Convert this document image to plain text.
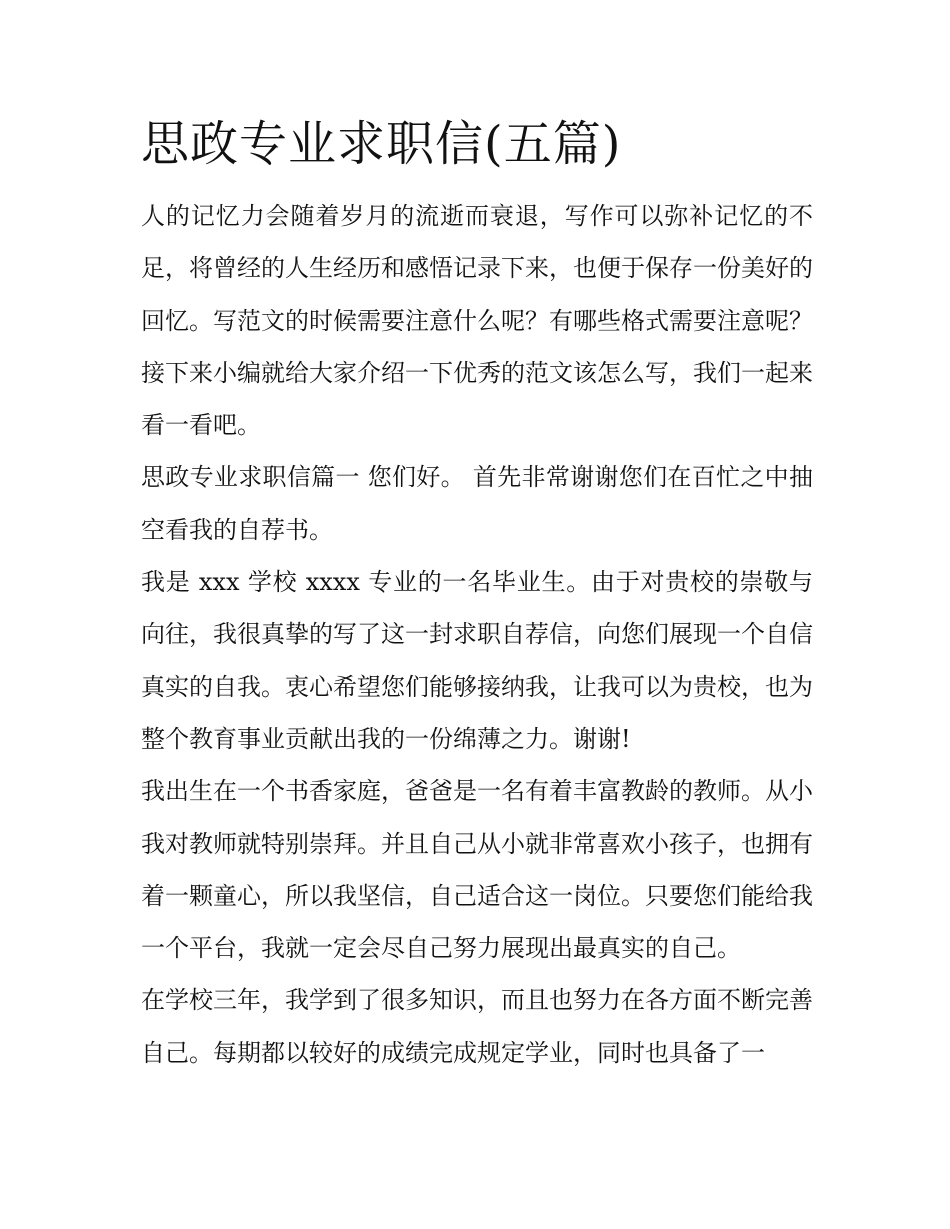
思政专业求职信(五篇)

人的记忆力会随着岁月的流逝而衰退，写作可以弥补记忆的不足，将曾经的人生经历和感悟记录下来，也便于保存一份美好的回忆。写范文的时候需要注意什么呢？有哪些格式需要注意呢？接下来小编就给大家介绍一下优秀的范文该怎么写，我们一起来看一看吧。

思政专业求职信篇一 您们好。 首先非常谢谢您们在百忙之中抽空看我的自荐书。

我是 xxx 学校 xxxx 专业的一名毕业生。由于对贵校的崇敬与向往，我很真挚的写了这一封求职自荐信，向您们展现一个自信真实的自我。衷心希望您们能够接纳我，让我可以为贵校，也为整个教育事业贡献出我的一份绵薄之力。谢谢!

我出生在一个书香家庭，爸爸是一名有着丰富教龄的教师。从小我对教师就特别崇拜。并且自己从小就非常喜欢小孩子，也拥有着一颗童心，所以我坚信，自己适合这一岗位。只要您们能给我一个平台，我就一定会尽自己努力展现出最真实的自己。

在学校三年，我学到了很多知识，而且也努力在各方面不断完善自己。每期都以较好的成绩完成规定学业，同时也具备了一
